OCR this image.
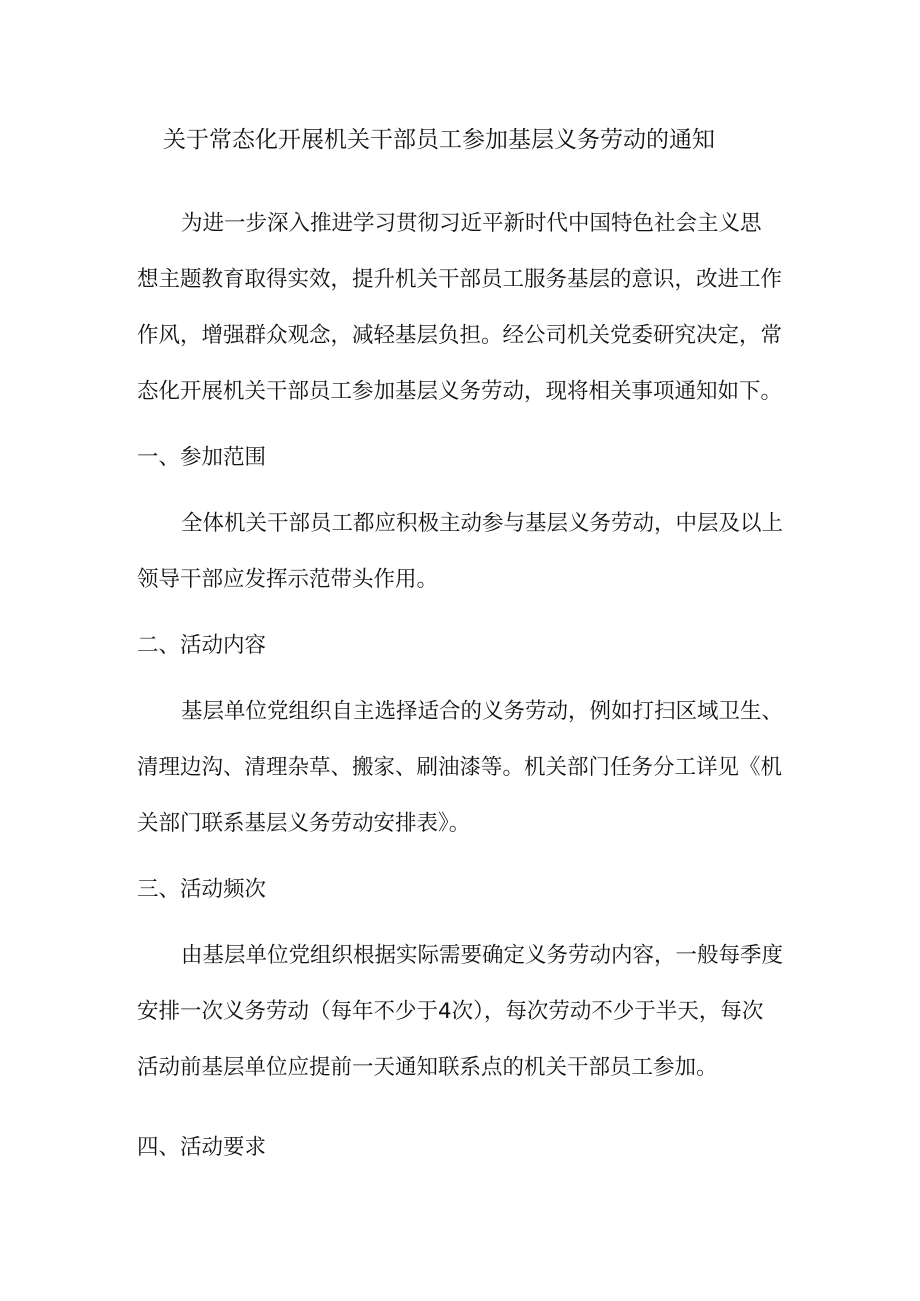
关于常态化开展机关干部员工参加基层义务劳动的通知

为进一步深入推进学习贯彻习近平新时代中国特色社会主义思
想主题教育取得实效，提升机关干部员工服务基层的意识，改进工作
作风，增强群众观念，减轻基层负担。经公司机关党委研究决定，常
态化开展机关干部员工参加基层义务劳动，现将相关事项通知如下。

一、参加范围

全体机关干部员工都应积极主动参与基层义务劳动，中层及以上
领导干部应发挥示范带头作用。

二、活动内容

基层单位党组织自主选择适合的义务劳动，例如打扫区域卫生、
清理边沟、清理杂草、搬家、刷油漆等。机关部门任务分工详见《机
关部门联系基层义务劳动安排表》。

三、活动频次

由基层单位党组织根据实际需要确定义务劳动内容，一般每季度
安排一次义务劳动（每年不少于4次），每次劳动不少于半天，每次
活动前基层单位应提前一天通知联系点的机关干部员工参加。

四、活动要求
